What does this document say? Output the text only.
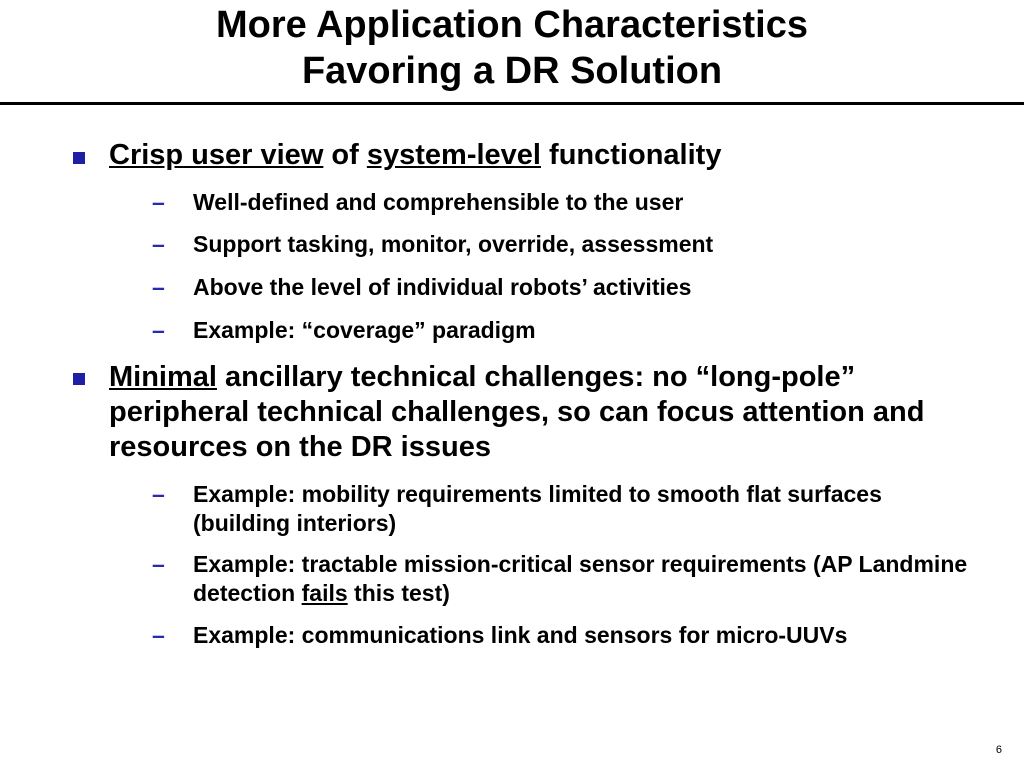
More Application Characteristics
Favoring a DR Solution
Crisp user view of system-level functionality
–	Well-defined and comprehensible to the user
–	Support tasking, monitor, override, assessment
–	Above the level of individual robots’ activities
–	Example: “coverage” paradigm
Minimal ancillary technical challenges: no “long-pole” peripheral technical challenges, so can focus attention and resources on the DR issues
–	Example: mobility requirements limited to smooth flat surfaces (building interiors)
–	Example: tractable mission-critical sensor requirements (AP Landmine detection fails this test)
–	Example: communications link and sensors for micro-UUVs
6
